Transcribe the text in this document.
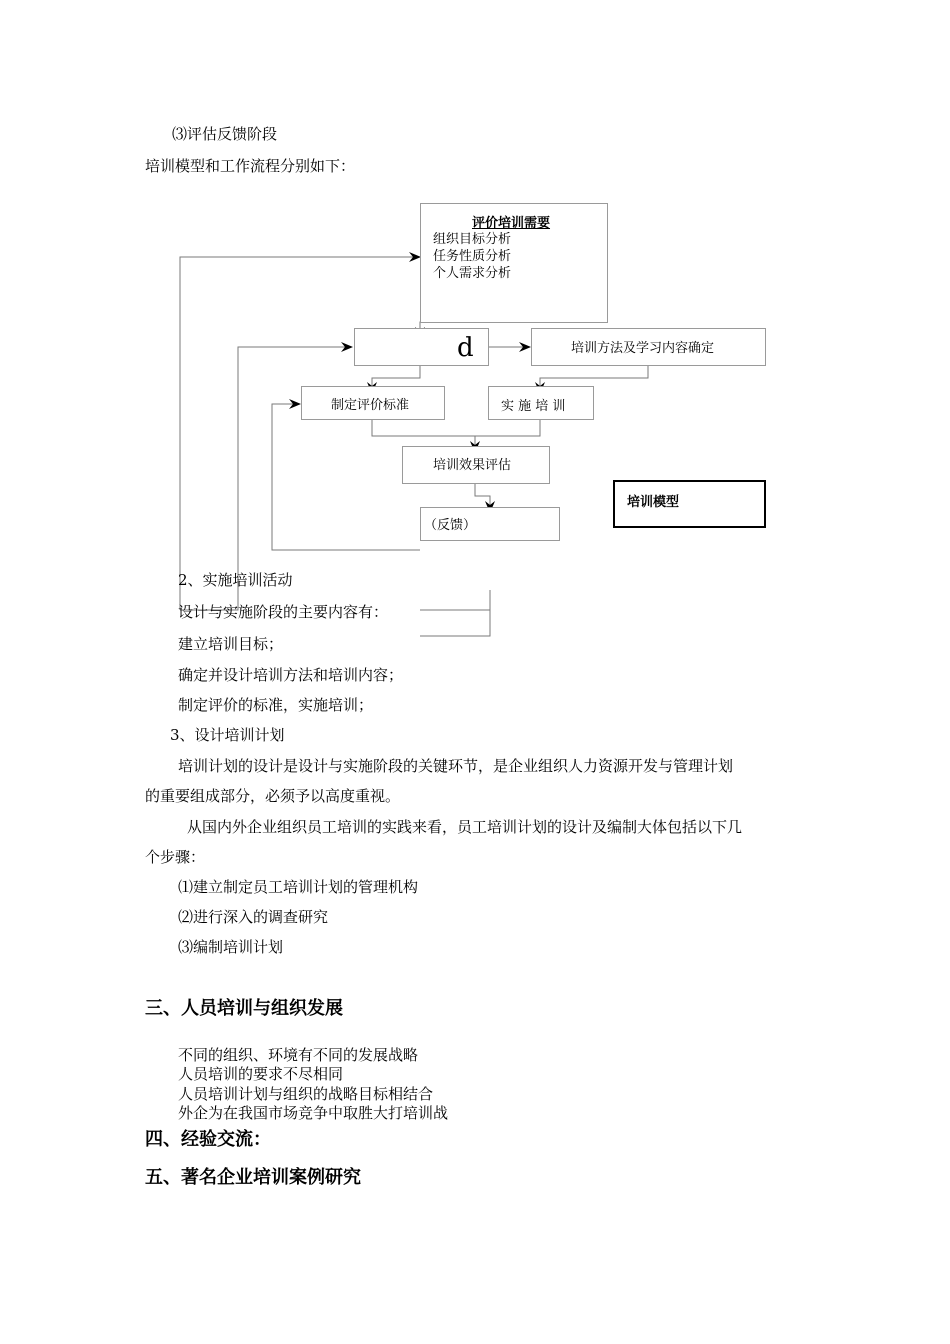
⑶评估反馈阶段
培训模型和工作流程分别如下：
评价培训需要
组织目标分析
任务性质分析
个人需求分析
d	培训方法及学习内容确定
制定评价标准	实 施 培 训
培训效果评估
（反馈）
培训模型
2、实施培训活动
设计与实施阶段的主要内容有：
建立培训目标；
确定并设计培训方法和培训内容；
制定评价的标准，实施培训；
3、设计培训计划
培训计划的设计是设计与实施阶段的关键环节，是企业组织人力资源开发与管理计划
的重要组成部分，必须予以高度重视。
从国内外企业组织员工培训的实践来看，员工培训计划的设计及编制大体包括以下几
个步骤：
⑴建立制定员工培训计划的管理机构
⑵进行深入的调查研究
⑶编制培训计划
三、人员培训与组织发展
不同的组织、环境有不同的发展战略
人员培训的要求不尽相同
人员培训计划与组织的战略目标相结合
外企为在我国市场竞争中取胜大打培训战
四、经验交流：
五、著名企业培训案例研究
